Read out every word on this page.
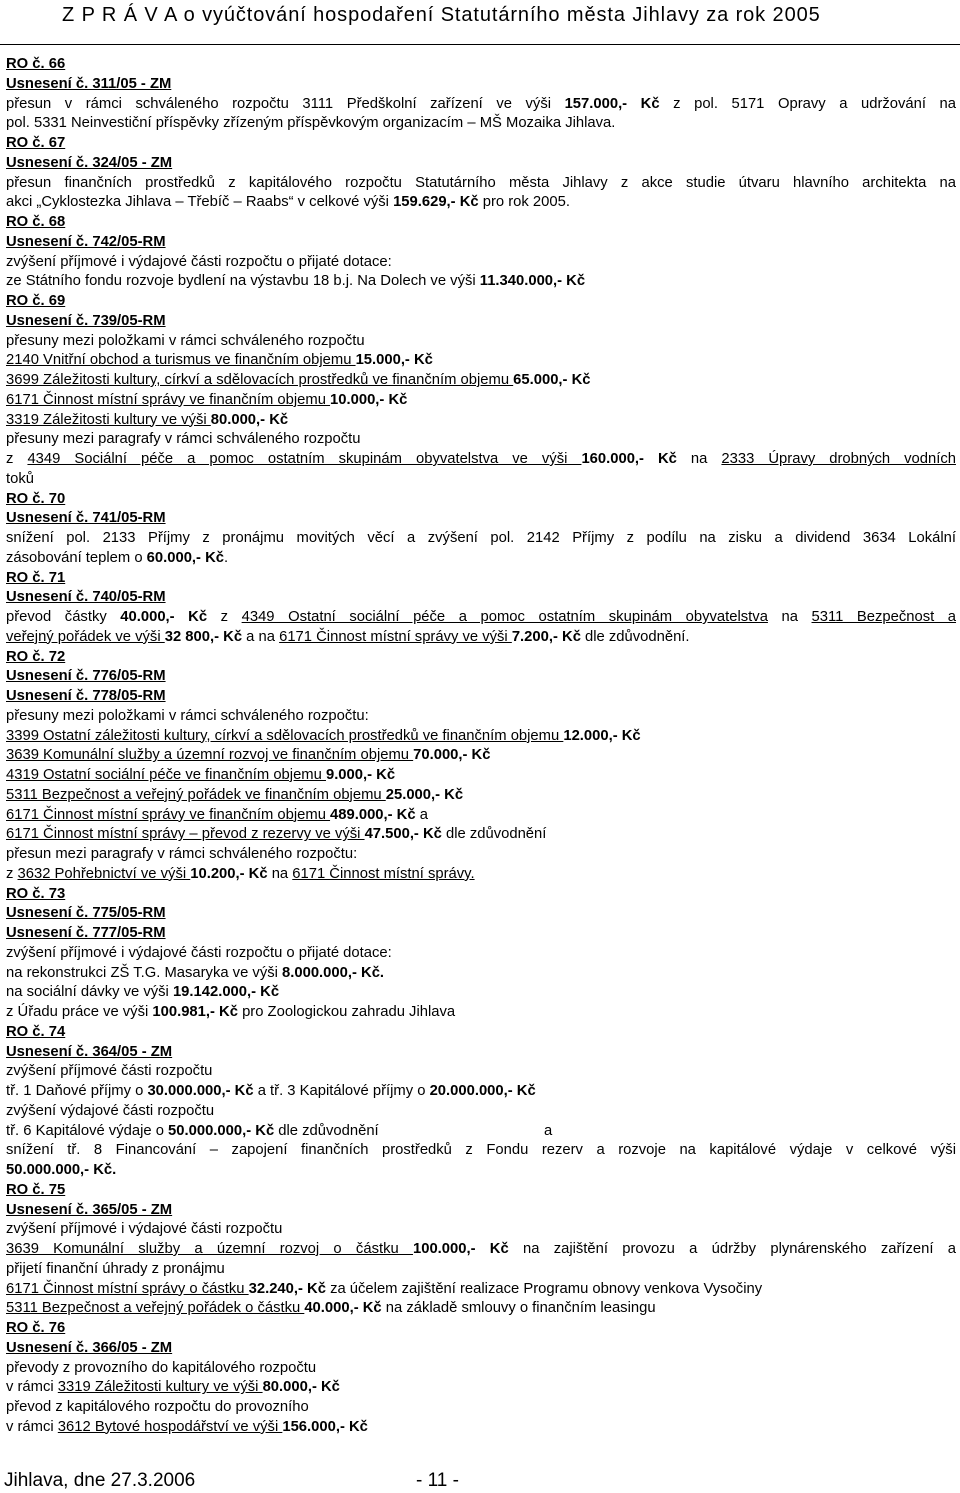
Z P R Á V A o vyúčtování hospodaření Statutárního města Jihlavy za rok 2005
RO č. 66
Usnesení č. 311/05 - ZM
přesun v rámci schváleného rozpočtu 3111 Předškolní zařízení ve výši 157.000,- Kč z pol. 5171 Opravy a udržování na
pol. 5331 Neinvestiční příspěvky zřízeným příspěvkovým organizacím – MŠ Mozaika Jihlava.
RO č. 67
Usnesení č. 324/05 - ZM
přesun finančních prostředků z kapitálového rozpočtu Statutárního města Jihlavy z akce studie útvaru hlavního architekta na
akci „Cyklostezka Jihlava – Třebíč – Raabs“ v celkové výši 159.629,- Kč pro rok 2005.
RO č. 68
Usnesení č. 742/05-RM
zvýšení příjmové i výdajové části rozpočtu o přijaté dotace:
ze Státního fondu rozvoje bydlení na výstavbu 18 b.j. Na Dolech ve výši 11.340.000,- Kč
RO č. 69
Usnesení č. 739/05-RM
přesuny mezi položkami v rámci schváleného rozpočtu
2140 Vnitřní obchod a turismus ve finančním objemu 15.000,- Kč
3699 Záležitosti kultury, církví a sdělovacích prostředků ve finančním objemu 65.000,- Kč
6171 Činnost místní správy ve finančním objemu 10.000,- Kč
3319 Záležitosti kultury ve výši 80.000,- Kč
přesuny mezi paragrafy v rámci schváleného rozpočtu
z 4349 Sociální péče a pomoc ostatním skupinám obyvatelstva ve výši 160.000,- Kč na 2333 Úpravy drobných vodních
toků
RO č. 70
Usnesení č. 741/05-RM
snížení pol. 2133 Příjmy z pronájmu movitých věcí a zvýšení pol. 2142 Příjmy z podílu na zisku a dividend 3634 Lokální
zásobování teplem o 60.000,- Kč.
RO č. 71
Usnesení č. 740/05-RM
převod částky 40.000,- Kč z 4349 Ostatní sociální péče a pomoc ostatním skupinám obyvatelstva na 5311 Bezpečnost a
veřejný pořádek ve výši 32 800,- Kč a na 6171 Činnost místní správy ve výši 7.200,- Kč dle zdůvodnění.
RO č. 72
Usnesení č. 776/05-RM
Usnesení č. 778/05-RM
přesuny mezi položkami v rámci schváleného rozpočtu:
3399 Ostatní záležitosti kultury, církví a sdělovacích prostředků ve finančním objemu 12.000,- Kč
3639 Komunální služby a územní rozvoj ve finančním objemu 70.000,- Kč
4319 Ostatní sociální péče ve finančním objemu 9.000,- Kč
5311 Bezpečnost a veřejný pořádek ve finančním objemu 25.000,- Kč
6171 Činnost místní správy ve finančním objemu 489.000,- Kč a
6171 Činnost místní správy – převod z rezervy ve výši 47.500,- Kč dle zdůvodnění
přesun mezi paragrafy v rámci schváleného rozpočtu:
z 3632 Pohřebnictví ve výši 10.200,- Kč na 6171 Činnost místní správy.
RO č. 73
Usnesení č. 775/05-RM
Usnesení č. 777/05-RM
zvýšení příjmové i výdajové části rozpočtu o přijaté dotace:
na rekonstrukci ZŠ T.G. Masaryka ve výši 8.000.000,- Kč.
na sociální dávky ve výši 19.142.000,- Kč
z Úřadu práce ve výši 100.981,- Kč pro Zoologickou zahradu Jihlava
RO č. 74
Usnesení č. 364/05 - ZM
zvýšení příjmové části rozpočtu
tř. 1 Daňové příjmy o 30.000.000,- Kč a tř. 3 Kapitálové příjmy o 20.000.000,- Kč
zvýšení výdajové části rozpočtu
tř. 6 Kapitálové výdaje o 50.000.000,- Kč dle zdůvodnění	a
snížení tř. 8 Financování – zapojení finančních prostředků z Fondu rezerv a rozvoje na kapitálové výdaje v celkové výši
50.000.000,- Kč.
RO č. 75
Usnesení č. 365/05 - ZM
zvýšení příjmové i výdajové části rozpočtu
3639 Komunální služby a územní rozvoj o částku 100.000,- Kč na zajištění provozu a údržby plynárenského zařízení a
přijetí finanční úhrady z pronájmu
6171 Činnost místní správy o částku 32.240,- Kč za účelem zajištění realizace Programu obnovy venkova Vysočiny
5311 Bezpečnost a veřejný pořádek o částku 40.000,- Kč na základě smlouvy o finančním leasingu
RO č. 76
Usnesení č. 366/05 - ZM
převody z provozního do kapitálového rozpočtu
v rámci 3319 Záležitosti kultury ve výši 80.000,- Kč
převod z kapitálového rozpočtu do provozního
v rámci 3612 Bytové hospodářství ve výši 156.000,- Kč
Jihlava, dne 27.3.2006	- 11 -
